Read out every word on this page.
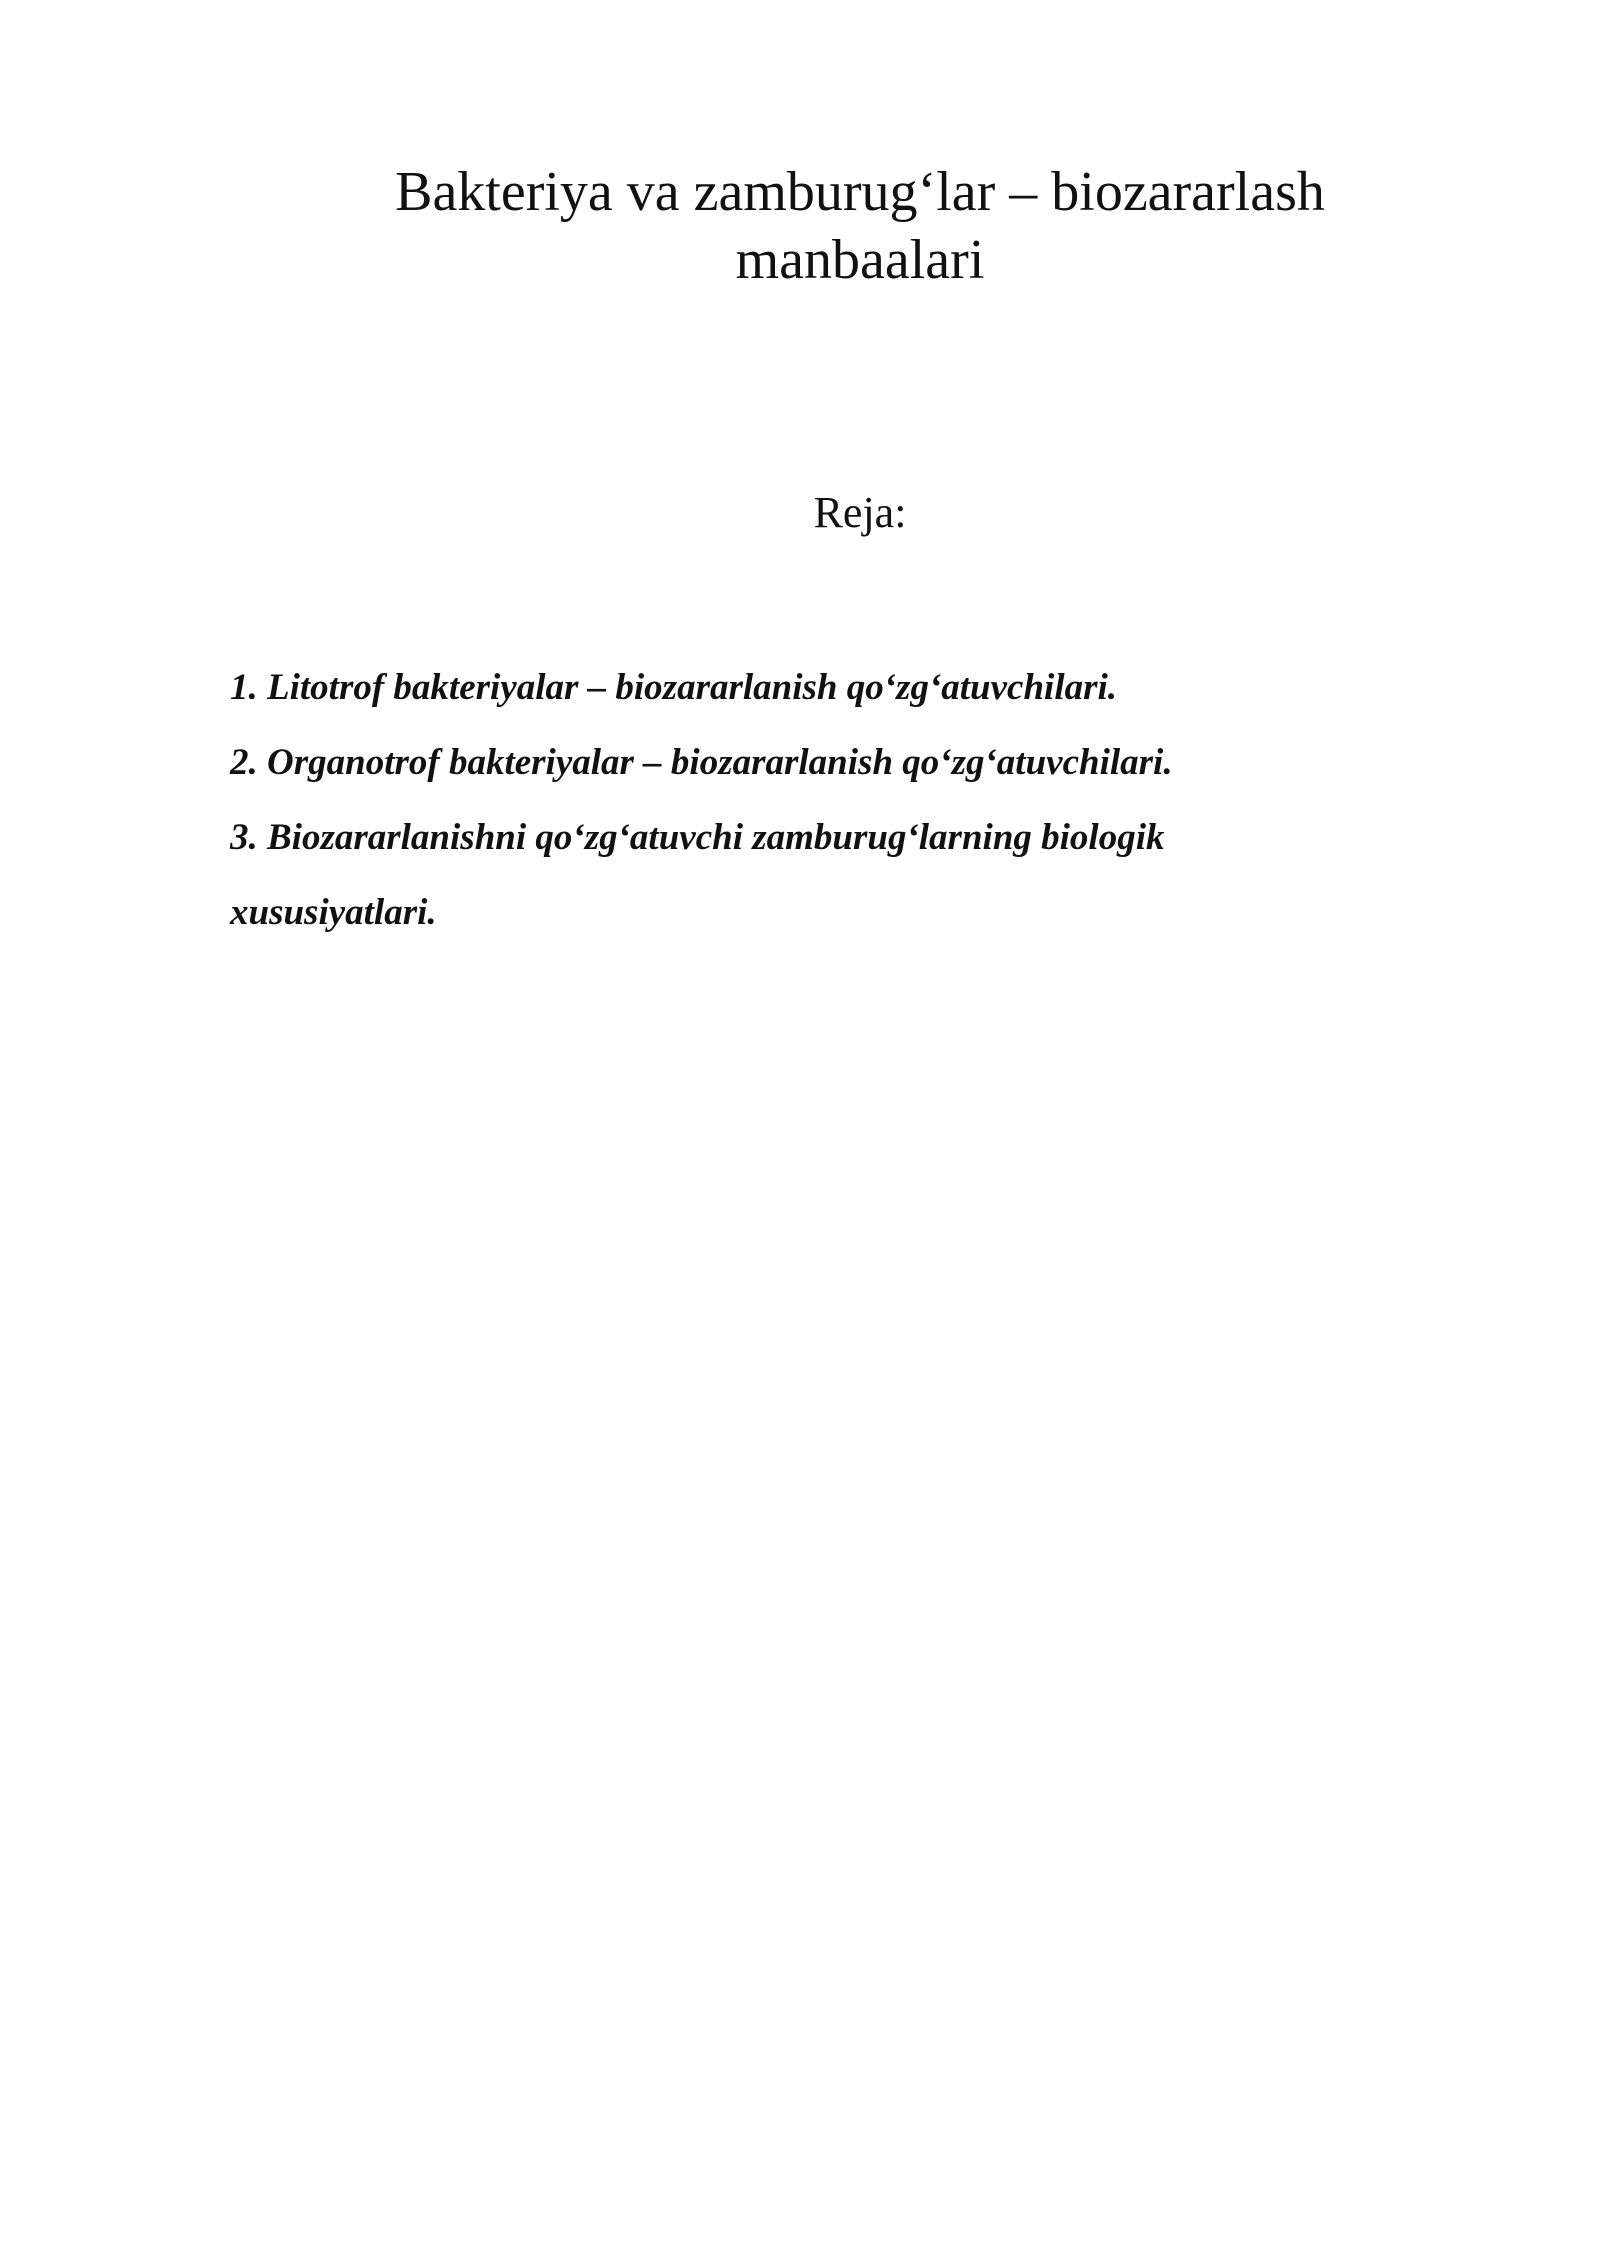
Bakteriya va zamburug‘lar – biozararlash
manbaalari
Reja:
1. Litotrof bakteriyalar – biozararlanish qo‘zg‘atuvchilari.
2. Organotrof bakteriyalar – biozararlanish qo‘zg‘atuvchilari.
3. Biozararlanishni qo‘zg‘atuvchi zamburug‘larning biologik
xususiyatlari.
